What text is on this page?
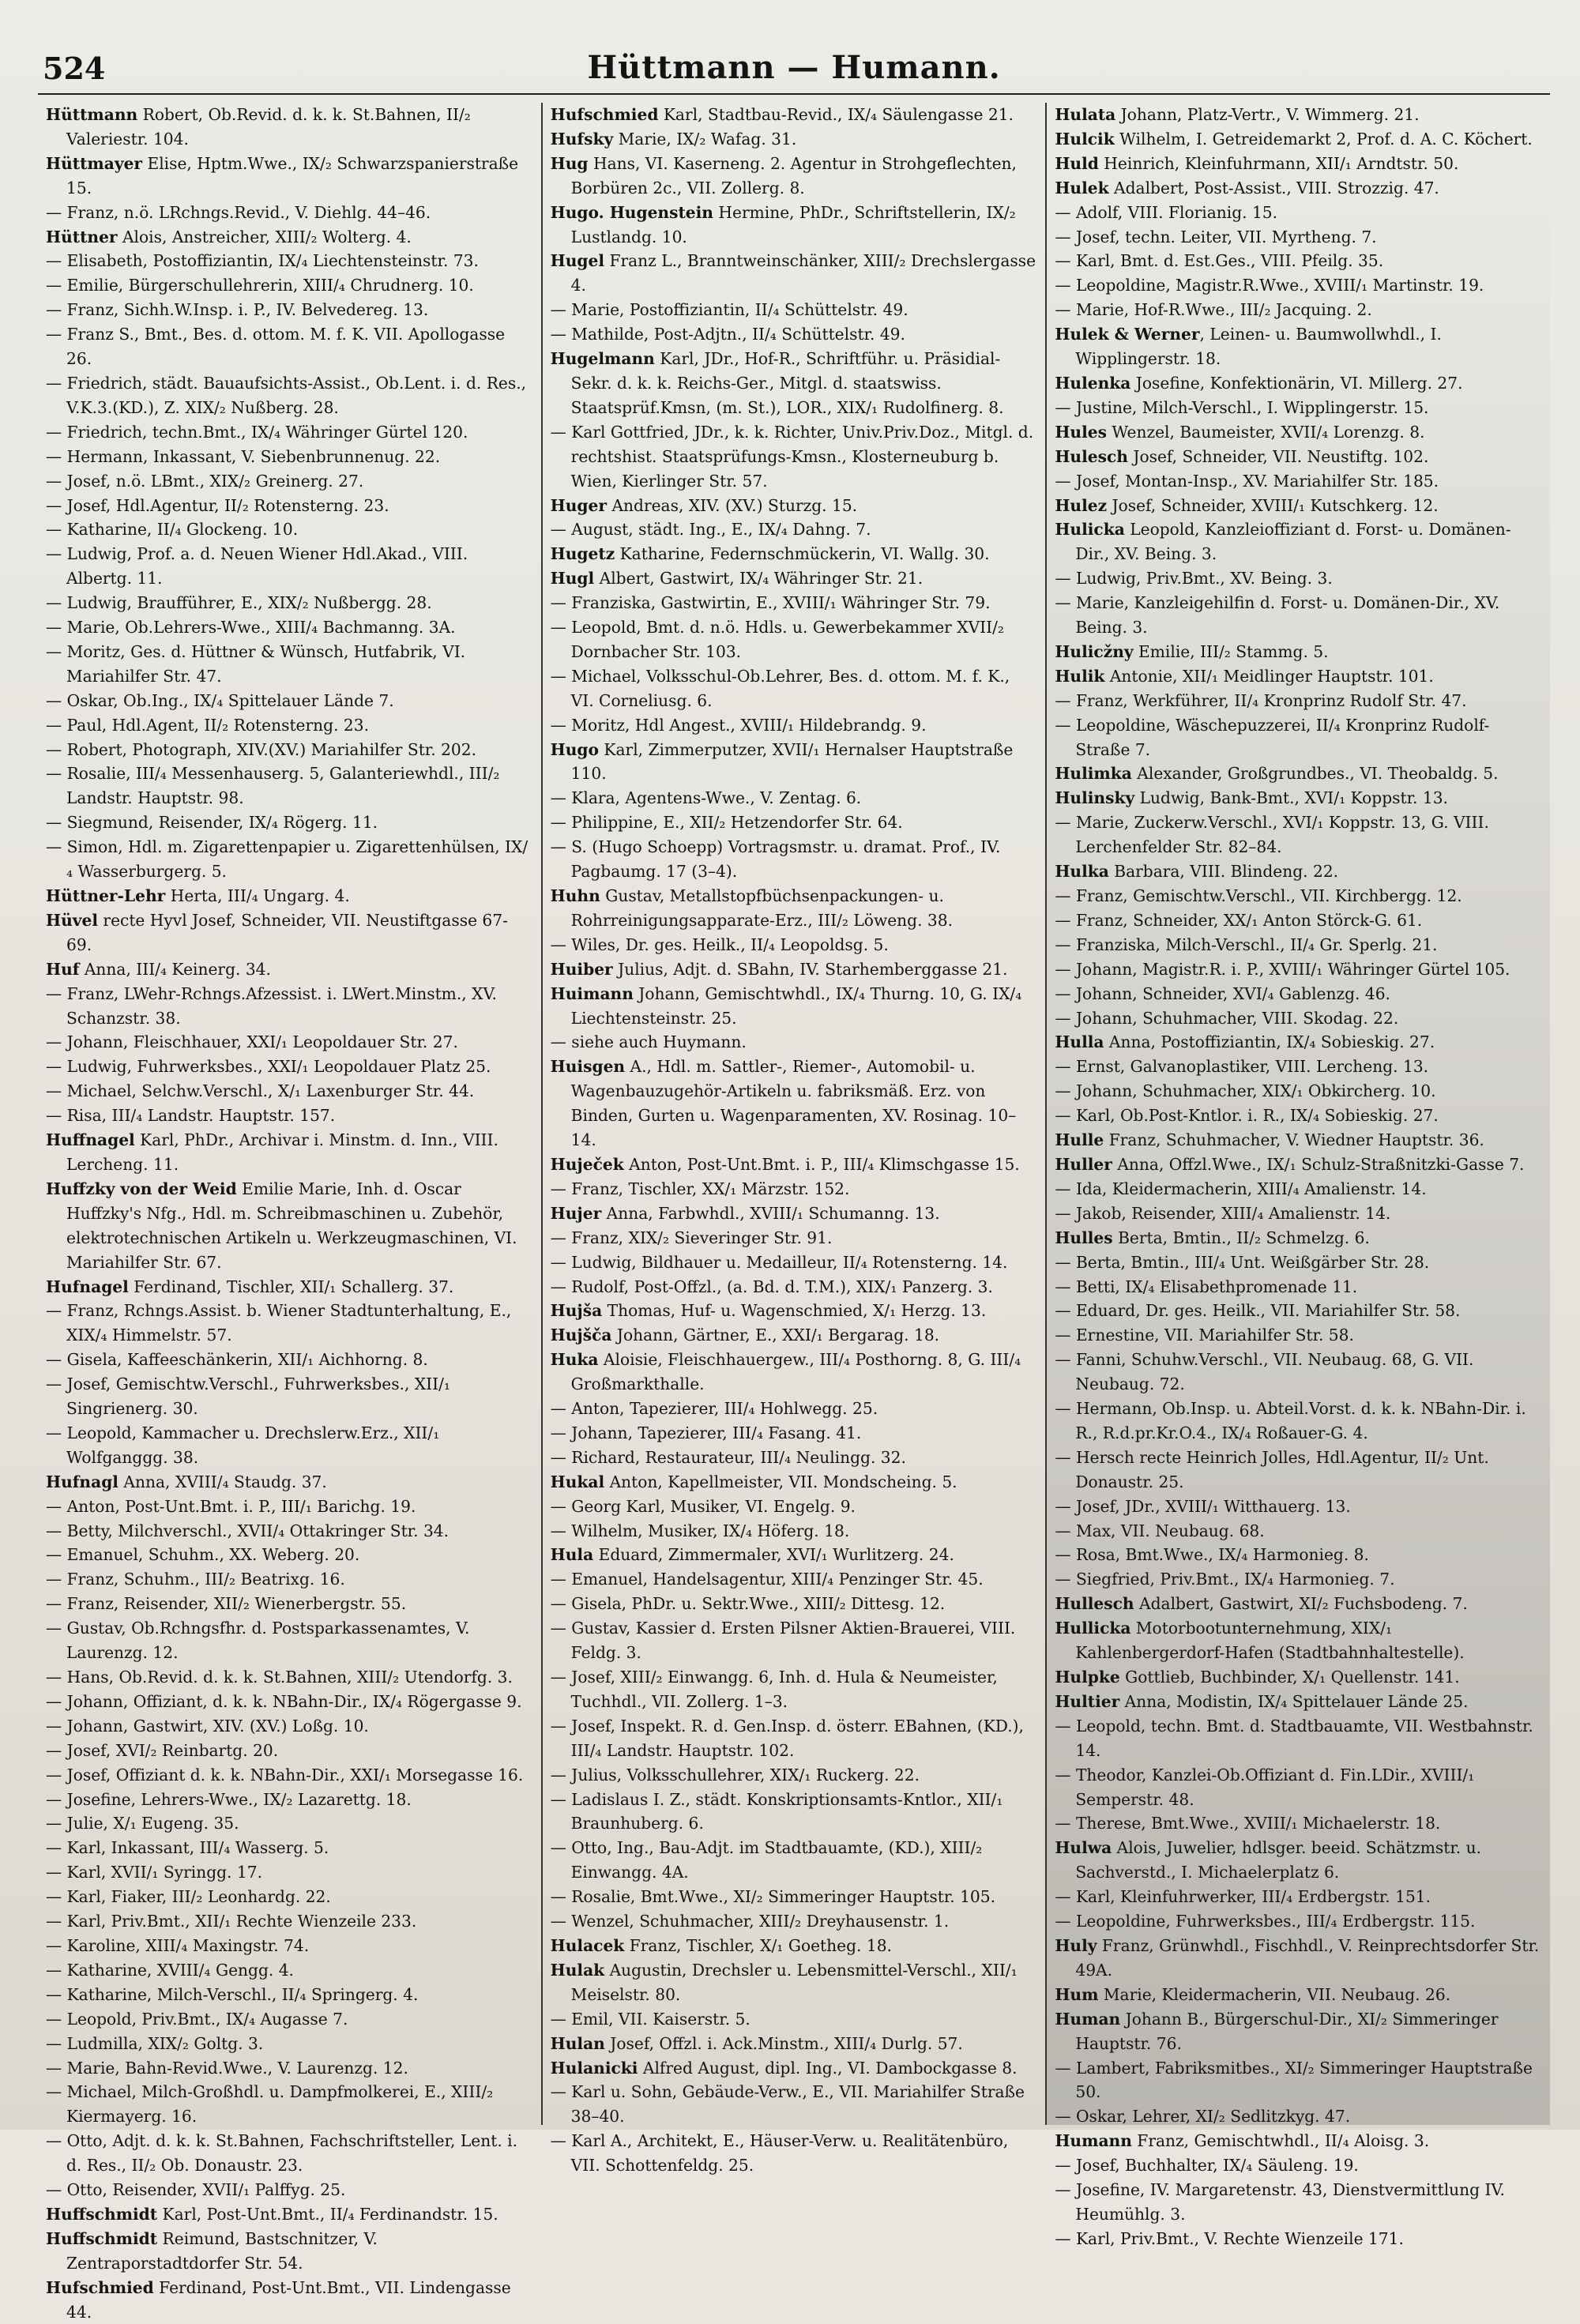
524	Hüttmann — Humann.

Hüttmann Robert, Ob.Revid. d. k. k. St.Bahnen, II/₂ Valeriestr. 104.

Hüttmayer Elise, Hptm.Wwe., IX/₂ Schwarzspanierstraße 15.

— Franz, n.ö. LRchngs.Revid., V. Diehlg. 44–46.

Hüttner Alois, Anstreicher, XIII/₂ Wolterg. 4.

— Elisabeth, Postoffiziantin, IX/₄ Liechtensteinstr. 73.

— Emilie, Bürgerschullehrerin, XIII/₄ Chrudnerg. 10.

— Franz, Sichh.W.Insp. i. P., IV. Belvedereg. 13.

— Franz S., Bmt., Bes. d. ottom. M. f. K. VII. Apollogasse 26.

— Friedrich, städt. Bauaufsichts-Assist., Ob.Lent. i. d. Res., V.K.3.(KD.), Z. XIX/₂ Nußberg. 28.

— Friedrich, techn.Bmt., IX/₄ Währinger Gürtel 120.

— Hermann, Inkassant, V. Siebenbrunnenug. 22.

— Josef, n.ö. LBmt., XIX/₂ Greinerg. 27.

— Josef, Hdl.Agentur, II/₂ Rotensterng. 23.

— Katharine, II/₄ Glockeng. 10.

— Ludwig, Prof. a. d. Neuen Wiener Hdl.Akad., VIII. Albertg. 11.

— Ludwig, Braufführer, E., XIX/₂ Nußbergg. 28.

— Marie, Ob.Lehrers-Wwe., XIII/₄ Bachmanng. 3A.

— Moritz, Ges. d. Hüttner & Wünsch, Hutfabrik, VI. Mariahilfer Str. 47.

— Oskar, Ob.Ing., IX/₄ Spittelauer Lände 7.

— Paul, Hdl.Agent, II/₂ Rotensterng. 23.

— Robert, Photograph, XIV.(XV.) Mariahilfer Str. 202.

— Rosalie, III/₄ Messenhauserg. 5, Galanteriewhdl., III/₂ Landstr. Hauptstr. 98.

— Siegmund, Reisender, IX/₄ Rögerg. 11.

— Simon, Hdl. m. Zigarettenpapier u. Zigarettenhülsen, IX/₄ Wasserburgerg. 5.

Hüttner-Lehr Herta, III/₄ Ungarg. 4.

Hüvel recte Hyvl Josef, Schneider, VII. Neustiftgasse 67-69.

Huf Anna, III/₄ Keinerg. 34.

— Franz, LWehr-Rchngs.Afzessist. i. LWert.Minstm., XV. Schanzstr. 38.

— Johann, Fleischhauer, XXI/₁ Leopoldauer Str. 27.

— Ludwig, Fuhrwerksbes., XXI/₁ Leopoldauer Platz 25.

— Michael, Selchw.Verschl., X/₁ Laxenburger Str. 44.

— Risa, III/₄ Landstr. Hauptstr. 157.

Huffnagel Karl, PhDr., Archivar i. Minstm. d. Inn., VIII. Lercheng. 11.

Huffzky von der Weid Emilie Marie, Inh. d. Oscar Huffzky's Nfg., Hdl. m. Schreibmaschinen u. Zubehör, elektrotechnischen Artikeln u. Werkzeugmaschinen, VI. Mariahilfer Str. 67.

Hufnagel Ferdinand, Tischler, XII/₁ Schallerg. 37.

— Franz, Rchngs.Assist. b. Wiener Stadtunterhaltung, E., XIX/₄ Himmelstr. 57.

— Gisela, Kaffeeschänkerin, XII/₁ Aichhorng. 8.

— Josef, Gemischtw.Verschl., Fuhrwerksbes., XII/₁ Singrienerg. 30.

— Leopold, Kammacher u. Drechslerw.Erz., XII/₁ Wolfganggg. 38.

Hufnagl Anna, XVIII/₄ Staudg. 37.

— Anton, Post-Unt.Bmt. i. P., III/₁ Barichg. 19.

— Betty, Milchverschl., XVII/₄ Ottakringer Str. 34.

— Emanuel, Schuhm., XX. Weberg. 20.

— Franz, Schuhm., III/₂ Beatrixg. 16.

— Franz, Reisender, XII/₂ Wienerbergstr. 55.

— Gustav, Ob.Rchngsfhr. d. Postsparkassenamtes, V. Laurenzg. 12.

— Hans, Ob.Revid. d. k. k. St.Bahnen, XIII/₂ Utendorfg. 3.

— Johann, Offiziant, d. k. k. NBahn-Dir., IX/₄ Rögergasse 9.

— Johann, Gastwirt, XIV. (XV.) Loßg. 10.

— Josef, XVI/₂ Reinbartg. 20.

— Josef, Offiziant d. k. k. NBahn-Dir., XXI/₁ Morsegasse 16.

— Josefine, Lehrers-Wwe., IX/₂ Lazarettg. 18.

— Julie, X/₁ Eugeng. 35.

— Karl, Inkassant, III/₄ Wasserg. 5.

— Karl, XVII/₁ Syringg. 17.

— Karl, Fiaker, III/₂ Leonhardg. 22.

— Karl, Priv.Bmt., XII/₁ Rechte Wienzeile 233.

— Karoline, XIII/₄ Maxingstr. 74.

— Katharine, XVIII/₄ Gengg. 4.

— Katharine, Milch-Verschl., II/₄ Springerg. 4.

— Leopold, Priv.Bmt., IX/₄ Augasse 7.

— Ludmilla, XIX/₂ Goltg. 3.

— Marie, Bahn-Revid.Wwe., V. Laurenzg. 12.

— Michael, Milch-Großhdl. u. Dampfmolkerei, E., XIII/₂ Kiermayerg. 16.

— Otto, Adjt. d. k. k. St.Bahnen, Fachschriftsteller, Lent. i. d. Res., II/₂ Ob. Donaustr. 23.

— Otto, Reisender, XVII/₁ Palffyg. 25.

Huffschmidt Karl, Post-Unt.Bmt., II/₄ Ferdinandstr. 15.

Huffschmidt Reimund, Bastschnitzer, V. Zentraporstadtdorfer Str. 54.

Hufschmied Ferdinand, Post-Unt.Bmt., VII. Lindengasse 44.

Hufschmied Karl, Stadtbau-Revid., IX/₄ Säulengasse 21.

Hufsky Marie, IX/₂ Wafag. 31.

Hug Hans, VI. Kaserneng. 2. Agentur in Strohgeflechten, Borbüren 2c., VII. Zollerg. 8.

Hugo. Hugenstein Hermine, PhDr., Schriftstellerin, IX/₂ Lustlandg. 10.

Hugel Franz L., Branntweinschänker, XIII/₂ Drechslergasse 4.

— Marie, Postoffiziantin, II/₄ Schüttelstr. 49.

— Mathilde, Post-Adjtn., II/₄ Schüttelstr. 49.

Hugelmann Karl, JDr., Hof-R., Schriftführ. u. Präsidial-Sekr. d. k. k. Reichs-Ger., Mitgl. d. staatswiss. Staatsprüf.Kmsn, (m. St.), LOR., XIX/₁ Rudolfinerg. 8.

— Karl Gottfried, JDr., k. k. Richter, Univ.Priv.Doz., Mitgl. d. rechtshist. Staatsprüfungs-Kmsn., Klosterneuburg b. Wien, Kierlinger Str. 57.

Huger Andreas, XIV. (XV.) Sturzg. 15.

— August, städt. Ing., E., IX/₄ Dahng. 7.

Hugetz Katharine, Federnschmückerin, VI. Wallg. 30.

Hugl Albert, Gastwirt, IX/₄ Währinger Str. 21.

— Franziska, Gastwirtin, E., XVIII/₁ Währinger Str. 79.

— Leopold, Bmt. d. n.ö. Hdls. u. Gewerbekammer XVII/₂ Dornbacher Str. 103.

— Michael, Volksschul-Ob.Lehrer, Bes. d. ottom. M. f. K., VI. Corneliusg. 6.

— Moritz, Hdl Angest., XVIII/₁ Hildebrandg. 9.

Hugo Karl, Zimmerputzer, XVII/₁ Hernalser Hauptstraße 110.

— Klara, Agentens-Wwe., V. Zentag. 6.

— Philippine, E., XII/₂ Hetzendorfer Str. 64.

— S. (Hugo Schoepp) Vortragsmstr. u. dramat. Prof., IV. Pagbaumg. 17 (3–4).

Huhn Gustav, Metallstopfbüchsenpackungen- u. Rohrreinigungsapparate-Erz., III/₂ Löweng. 38.

— Wiles, Dr. ges. Heilk., II/₄ Leopoldsg. 5.

Huiber Julius, Adjt. d. SBahn, IV. Starhemberggasse 21.

Huimann Johann, Gemischtwhdl., IX/₄ Thurng. 10, G. IX/₄ Liechtensteinstr. 25.

— siehe auch Huymann.

Huisgen A., Hdl. m. Sattler-, Riemer-, Automobil- u. Wagenbauzugehör-Artikeln u. fabriksmäß. Erz. von Binden, Gurten u. Wagenparamenten, XV. Rosinag. 10–14.

Huječek Anton, Post-Unt.Bmt. i. P., III/₄ Klimschgasse 15.

— Franz, Tischler, XX/₁ Märzstr. 152.

Hujer Anna, Farbwhdl., XVIII/₁ Schumanng. 13.

— Franz, XIX/₂ Sieveringer Str. 91.

— Ludwig, Bildhauer u. Medailleur, II/₄ Rotensterng. 14.

— Rudolf, Post-Offzl., (a. Bd. d. T.M.), XIX/₁ Panzerg. 3.

Hujša Thomas, Huf- u. Wagenschmied, X/₁ Herzg. 13.

Hujšča Johann, Gärtner, E., XXI/₁ Bergarag. 18.

Huka Aloisie, Fleischhauergew., III/₄ Posthorng. 8, G. III/₄ Großmarkthalle.

— Anton, Tapezierer, III/₄ Hohlwegg. 25.

— Johann, Tapezierer, III/₄ Fasang. 41.

— Richard, Restaurateur, III/₄ Neulingg. 32.

Hukal Anton, Kapellmeister, VII. Mondscheing. 5.

— Georg Karl, Musiker, VI. Engelg. 9.

— Wilhelm, Musiker, IX/₄ Höferg. 18.

Hula Eduard, Zimmermaler, XVI/₁ Wurlitzerg. 24.

— Emanuel, Handelsagentur, XIII/₄ Penzinger Str. 45.

— Gisela, PhDr. u. Sektr.Wwe., XIII/₂ Dittesg. 12.

— Gustav, Kassier d. Ersten Pilsner Aktien-Brauerei, VIII. Feldg. 3.

— Josef, XIII/₂ Einwangg. 6, Inh. d. Hula & Neumeister, Tuchhdl., VII. Zollerg. 1–3.

— Josef, Inspekt. R. d. Gen.Insp. d. österr. EBahnen, (KD.), III/₄ Landstr. Hauptstr. 102.

— Julius, Volksschullehrer, XIX/₁ Ruckerg. 22.

— Ladislaus I. Z., städt. Konskriptionsamts-Kntlor., XII/₁ Braunhuberg. 6.

— Otto, Ing., Bau-Adjt. im Stadtbauamte, (KD.), XIII/₂ Einwangg. 4A.

— Rosalie, Bmt.Wwe., XI/₂ Simmeringer Hauptstr. 105.

— Wenzel, Schuhmacher, XIII/₂ Dreyhausenstr. 1.

Hulacek Franz, Tischler, X/₁ Goetheg. 18.

Hulak Augustin, Drechsler u. Lebensmittel-Verschl., XII/₁ Meiselstr. 80.

— Emil, VII. Kaiserstr. 5.

Hulan Josef, Offzl. i. Ack.Minstm., XIII/₄ Durlg. 57.

Hulanicki Alfred August, dipl. Ing., VI. Dambockgasse 8.

— Karl u. Sohn, Gebäude-Verw., E., VII. Mariahilfer Straße 38–40.

— Karl A., Architekt, E., Häuser-Verw. u. Realitätenbüro, VII. Schottenfeldg. 25.

Hulata Johann, Platz-Vertr., V. Wimmerg. 21.

Hulcik Wilhelm, I. Getreidemarkt 2, Prof. d. A. C. Köchert.

Huld Heinrich, Kleinfuhrmann, XII/₁ Arndtstr. 50.

Hulek Adalbert, Post-Assist., VIII. Strozzig. 47.

— Adolf, VIII. Florianig. 15.

— Josef, techn. Leiter, VII. Myrtheng. 7.

— Karl, Bmt. d. Est.Ges., VIII. Pfeilg. 35.

— Leopoldine, Magistr.R.Wwe., XVIII/₁ Martinstr. 19.

— Marie, Hof-R.Wwe., III/₂ Jacquing. 2.

Hulek & Werner, Leinen- u. Baumwollwhdl., I. Wipplingerstr. 18.

Hulenka Josefine, Konfektionärin, VI. Millerg. 27.

— Justine, Milch-Verschl., I. Wipplingerstr. 15.

Hules Wenzel, Baumeister, XVII/₄ Lorenzg. 8.

Hulesch Josef, Schneider, VII. Neustiftg. 102.

— Josef, Montan-Insp., XV. Mariahilfer Str. 185.

Hulez Josef, Schneider, XVIII/₁ Kutschkerg. 12.

Hulicka Leopold, Kanzleioffiziant d. Forst- u. Domänen-Dir., XV. Being. 3.

— Ludwig, Priv.Bmt., XV. Being. 3.

— Marie, Kanzleigehilfin d. Forst- u. Domänen-Dir., XV. Being. 3.

Hulicžny Emilie, III/₂ Stammg. 5.

Hulik Antonie, XII/₁ Meidlinger Hauptstr. 101.

— Franz, Werkführer, II/₄ Kronprinz Rudolf Str. 47.

— Leopoldine, Wäschepuzzerei, II/₄ Kronprinz Rudolf-Straße 7.

Hulimka Alexander, Großgrundbes., VI. Theobaldg. 5.

Hulinsky Ludwig, Bank-Bmt., XVI/₁ Koppstr. 13.

— Marie, Zuckerw.Verschl., XVI/₁ Koppstr. 13, G. VIII. Lerchenfelder Str. 82–84.

Hulka Barbara, VIII. Blindeng. 22.

— Franz, Gemischtw.Verschl., VII. Kirchbergg. 12.

— Franz, Schneider, XX/₁ Anton Störck-G. 61.

— Franziska, Milch-Verschl., II/₄ Gr. Sperlg. 21.

— Johann, Magistr.R. i. P., XVIII/₁ Währinger Gürtel 105.

— Johann, Schneider, XVI/₄ Gablenzg. 46.

— Johann, Schuhmacher, VIII. Skodag. 22.

Hulla Anna, Postoffiziantin, IX/₄ Sobieskig. 27.

— Ernst, Galvanoplastiker, VIII. Lercheng. 13.

— Johann, Schuhmacher, XIX/₁ Obkircherg. 10.

— Karl, Ob.Post-Kntlor. i. R., IX/₄ Sobieskig. 27.

Hulle Franz, Schuhmacher, V. Wiedner Hauptstr. 36.

Huller Anna, Offzl.Wwe., IX/₁ Schulz-Straßnitzki-Gasse 7.

— Ida, Kleidermacherin, XIII/₄ Amalienstr. 14.

— Jakob, Reisender, XIII/₄ Amalienstr. 14.

Hulles Berta, Bmtin., II/₂ Schmelzg. 6.

— Berta, Bmtin., III/₄ Unt. Weißgärber Str. 28.

— Betti, IX/₄ Elisabethpromenade 11.

— Eduard, Dr. ges. Heilk., VII. Mariahilfer Str. 58.

— Ernestine, VII. Mariahilfer Str. 58.

— Fanni, Schuhw.Verschl., VII. Neubaug. 68, G. VII. Neubaug. 72.

— Hermann, Ob.Insp. u. Abteil.Vorst. d. k. k. NBahn-Dir. i. R., R.d.pr.Kr.O.4., IX/₄ Roßauer-G. 4.

— Hersch recte Heinrich Jolles, Hdl.Agentur, II/₂ Unt. Donaustr. 25.

— Josef, JDr., XVIII/₁ Witthauerg. 13.

— Max, VII. Neubaug. 68.

— Rosa, Bmt.Wwe., IX/₄ Harmonieg. 8.

— Siegfried, Priv.Bmt., IX/₄ Harmonieg. 7.

Hullesch Adalbert, Gastwirt, XI/₂ Fuchsbodeng. 7.

Hullicka Motorbootunternehmung, XIX/₁ Kahlenbergerdorf-Hafen (Stadtbahnhaltestelle).

Hulpke Gottlieb, Buchbinder, X/₁ Quellenstr. 141.

Hultier Anna, Modistin, IX/₄ Spittelauer Lände 25.

— Leopold, techn. Bmt. d. Stadtbauamte, VII. Westbahnstr. 14.

— Theodor, Kanzlei-Ob.Offiziant d. Fin.LDir., XVIII/₁ Semperstr. 48.

— Therese, Bmt.Wwe., XVIII/₁ Michaelerstr. 18.

Hulwa Alois, Juwelier, hdlsger. beeid. Schätzmstr. u. Sachverstd., I. Michaelerplatz 6.

— Karl, Kleinfuhrwerker, III/₄ Erdbergstr. 151.

— Leopoldine, Fuhrwerksbes., III/₄ Erdbergstr. 115.

Huly Franz, Grünwhdl., Fischhdl., V. Reinprechtsdorfer Str. 49A.

Hum Marie, Kleidermacherin, VII. Neubaug. 26.

Human Johann B., Bürgerschul-Dir., XI/₂ Simmeringer Hauptstr. 76.

— Lambert, Fabriksmitbes., XI/₂ Simmeringer Hauptstraße 50.

— Oskar, Lehrer, XI/₂ Sedlitzkyg. 47.

Humann Franz, Gemischtwhdl., II/₄ Aloisg. 3.

— Josef, Buchhalter, IX/₄ Säuleng. 19.

— Josefine, IV. Margaretenstr. 43, Dienstvermittlung IV. Heumühlg. 3.

— Karl, Priv.Bmt., V. Rechte Wienzeile 171.
